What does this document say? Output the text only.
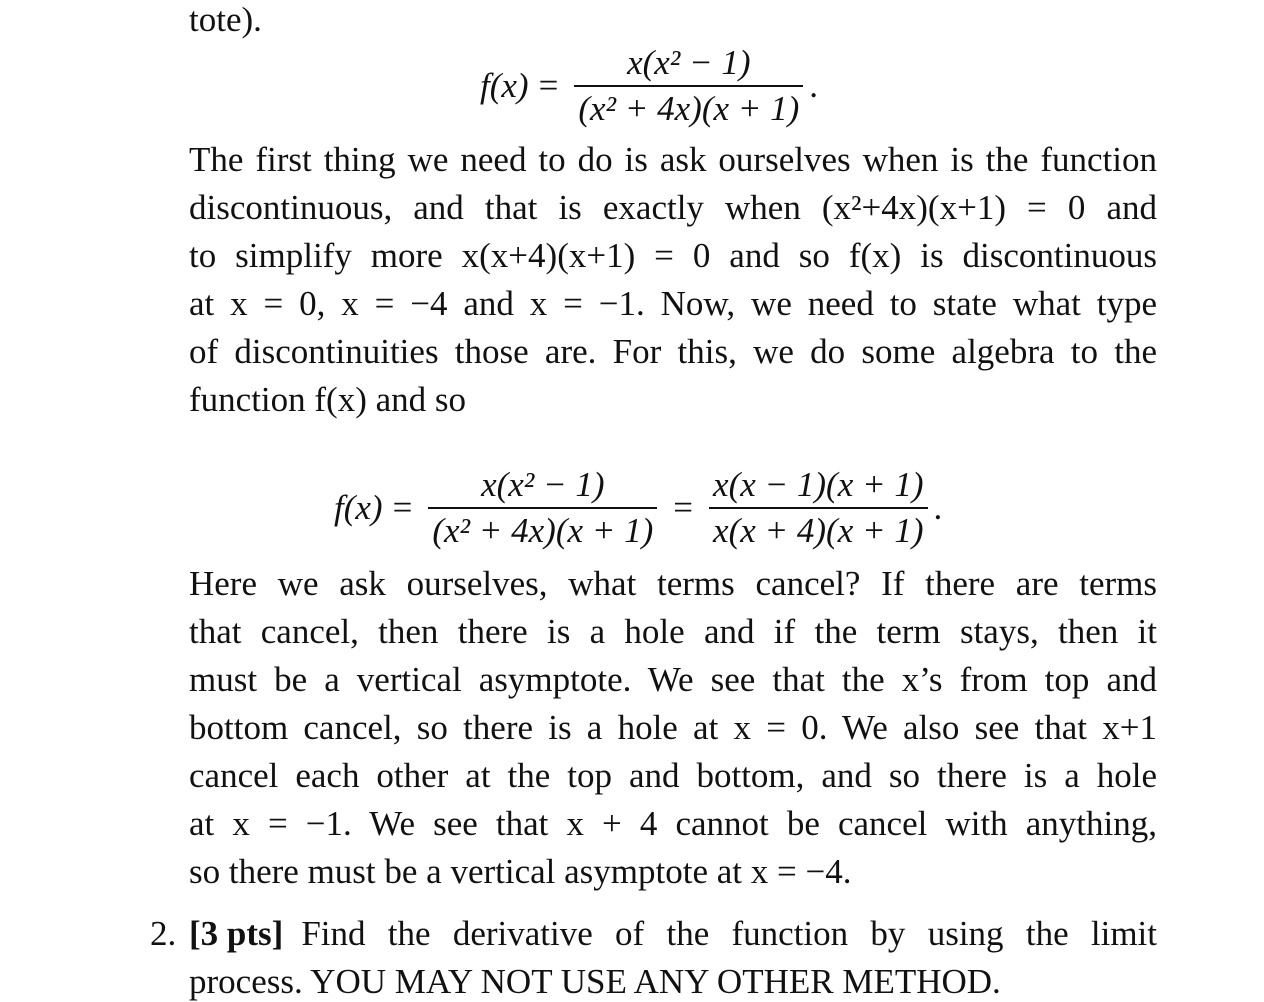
tote).
$f(x) = \frac{\text{x(x² − 1)}}{\text{(x² + 4x)(x + 1)}}$ .
The first thing we need to do is ask ourselves when is the function
discontinuous, and that is exactly when (x²+4x)(x+1) = 0 and
to simplify more x(x+4)(x+1) = 0 and so f(x) is discontinuous
at x = 0, x = −4 and x = −1. Now, we need to state what type
of discontinuities those are. For this, we do some algebra to the
function f(x) and so
$f(x) = \frac{\text{x(x² − 1)}}{\text{(x² + 4x)(x + 1)}} = \frac{x(x - 1)(x + 1)}{x(x + 4)(x + 1)}$ .
Here we ask ourselves, what terms cancel? If there are terms
that cancel, then there is a hole and if the term stays, then it
must be a vertical asymptote. We see that the x’s from top and
bottom cancel, so there is a hole at x = 0. We also see that x+1
cancel each other at the top and bottom, and so there is a hole
at x = −1. We see that x + 4 cannot be cancel with anything,
so there must be a vertical asymptote at x = −4.
2. [3 pts] Find the derivative of the function by using the limit
process. YOU MAY NOT USE ANY OTHER METHOD.
